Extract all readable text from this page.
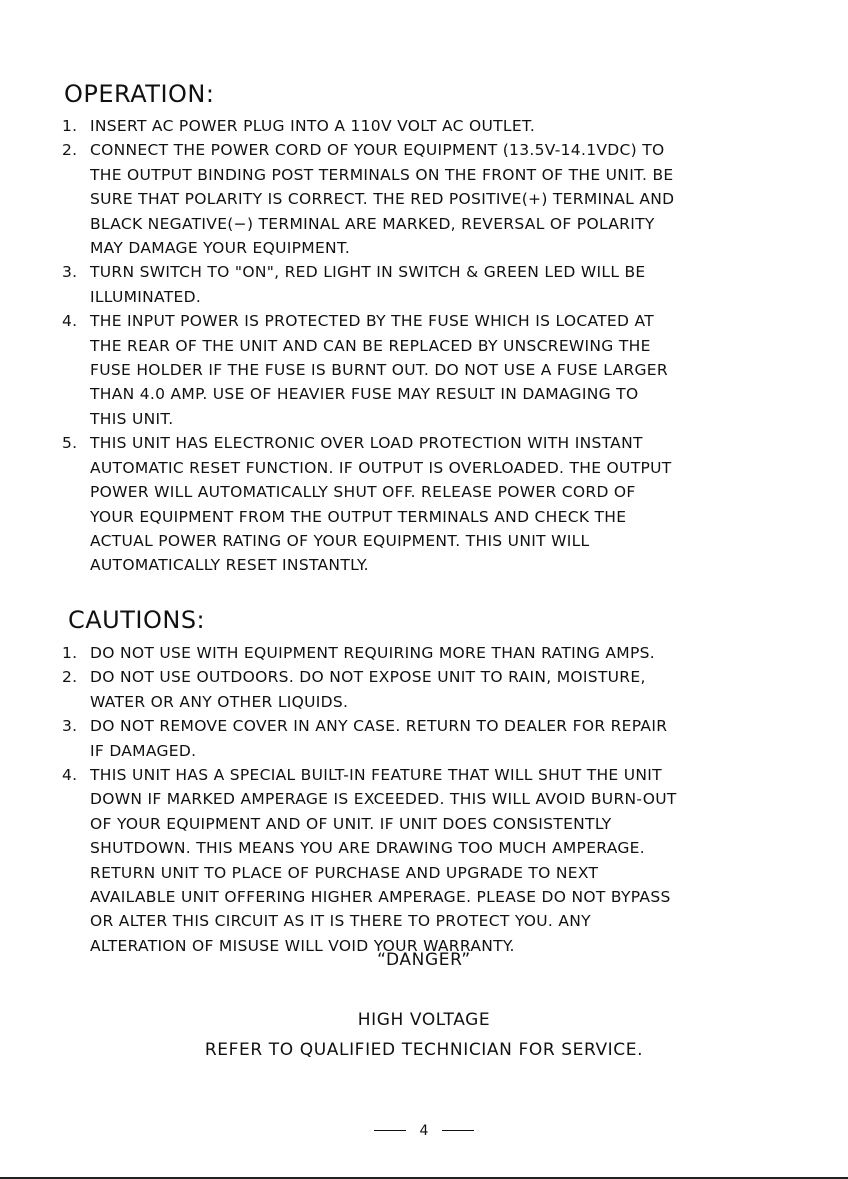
OPERATION:
1. INSERT AC POWER PLUG INTO A 110V VOLT AC OUTLET.
2. CONNECT THE POWER CORD OF YOUR EQUIPMENT (13.5V-14.1VDC) TO
THE OUTPUT BINDING POST TERMINALS ON THE FRONT OF THE UNIT. BE
SURE THAT POLARITY IS CORRECT. THE RED POSITIVE(+) TERMINAL AND
BLACK NEGATIVE(−) TERMINAL ARE MARKED, REVERSAL OF POLARITY
MAY DAMAGE YOUR EQUIPMENT.
3. TURN SWITCH TO "ON", RED LIGHT IN SWITCH & GREEN LED WILL BE
ILLUMINATED.
4. THE INPUT POWER IS PROTECTED BY THE FUSE WHICH IS LOCATED AT
THE REAR OF THE UNIT AND CAN BE REPLACED BY UNSCREWING THE
FUSE HOLDER IF THE FUSE IS BURNT OUT. DO NOT USE A FUSE LARGER
THAN 4.0 AMP. USE OF HEAVIER FUSE MAY RESULT IN DAMAGING TO
THIS UNIT.
5. THIS UNIT HAS ELECTRONIC OVER LOAD PROTECTION WITH INSTANT
AUTOMATIC RESET FUNCTION. IF OUTPUT IS OVERLOADED. THE OUTPUT
POWER WILL AUTOMATICALLY SHUT OFF. RELEASE POWER CORD OF
YOUR EQUIPMENT FROM THE OUTPUT TERMINALS AND CHECK THE
ACTUAL POWER RATING OF YOUR EQUIPMENT. THIS UNIT WILL
AUTOMATICALLY RESET INSTANTLY.
CAUTIONS:
1. DO NOT USE WITH EQUIPMENT REQUIRING MORE THAN RATING AMPS.
2. DO NOT USE OUTDOORS. DO NOT EXPOSE UNIT TO RAIN, MOISTURE,
WATER OR ANY OTHER LIQUIDS.
3. DO NOT REMOVE COVER IN ANY CASE. RETURN TO DEALER FOR REPAIR
IF DAMAGED.
4. THIS UNIT HAS A SPECIAL BUILT-IN FEATURE THAT WILL SHUT THE UNIT
DOWN IF MARKED AMPERAGE IS EXCEEDED. THIS WILL AVOID BURN-OUT
OF YOUR EQUIPMENT AND OF UNIT. IF UNIT DOES CONSISTENTLY
SHUTDOWN. THIS MEANS YOU ARE DRAWING TOO MUCH AMPERAGE.
RETURN UNIT TO PLACE OF PURCHASE AND UPGRADE TO NEXT
AVAILABLE UNIT OFFERING HIGHER AMPERAGE. PLEASE DO NOT BYPASS
OR ALTER THIS CIRCUIT AS IT IS THERE TO PROTECT YOU. ANY
ALTERATION OF MISUSE WILL VOID YOUR WARRANTY.
“DANGER”
HIGH VOLTAGE
REFER TO QUALIFIED TECHNICIAN FOR SERVICE.
4
